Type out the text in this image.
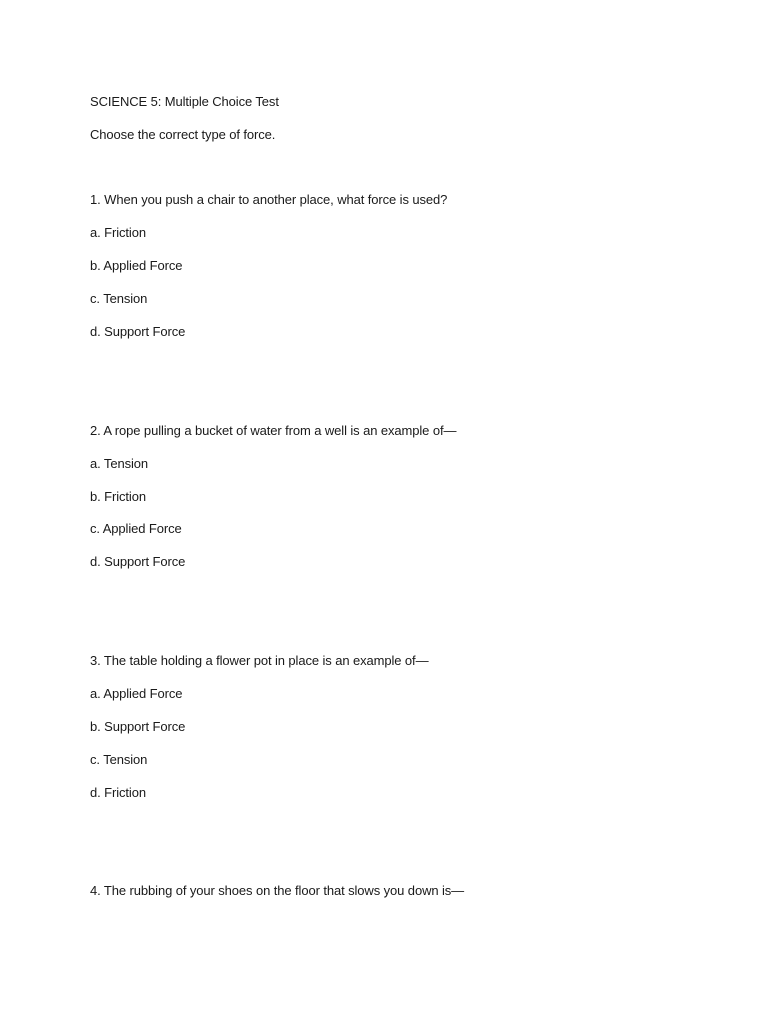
SCIENCE 5: Multiple Choice Test
Choose the correct type of force.
1. When you push a chair to another place, what force is used?
a. Friction
b. Applied Force
c. Tension
d. Support Force
2. A rope pulling a bucket of water from a well is an example of—
a. Tension
b. Friction
c. Applied Force
d. Support Force
3. The table holding a flower pot in place is an example of—
a. Applied Force
b. Support Force
c. Tension
d. Friction
4. The rubbing of your shoes on the floor that slows you down is—
